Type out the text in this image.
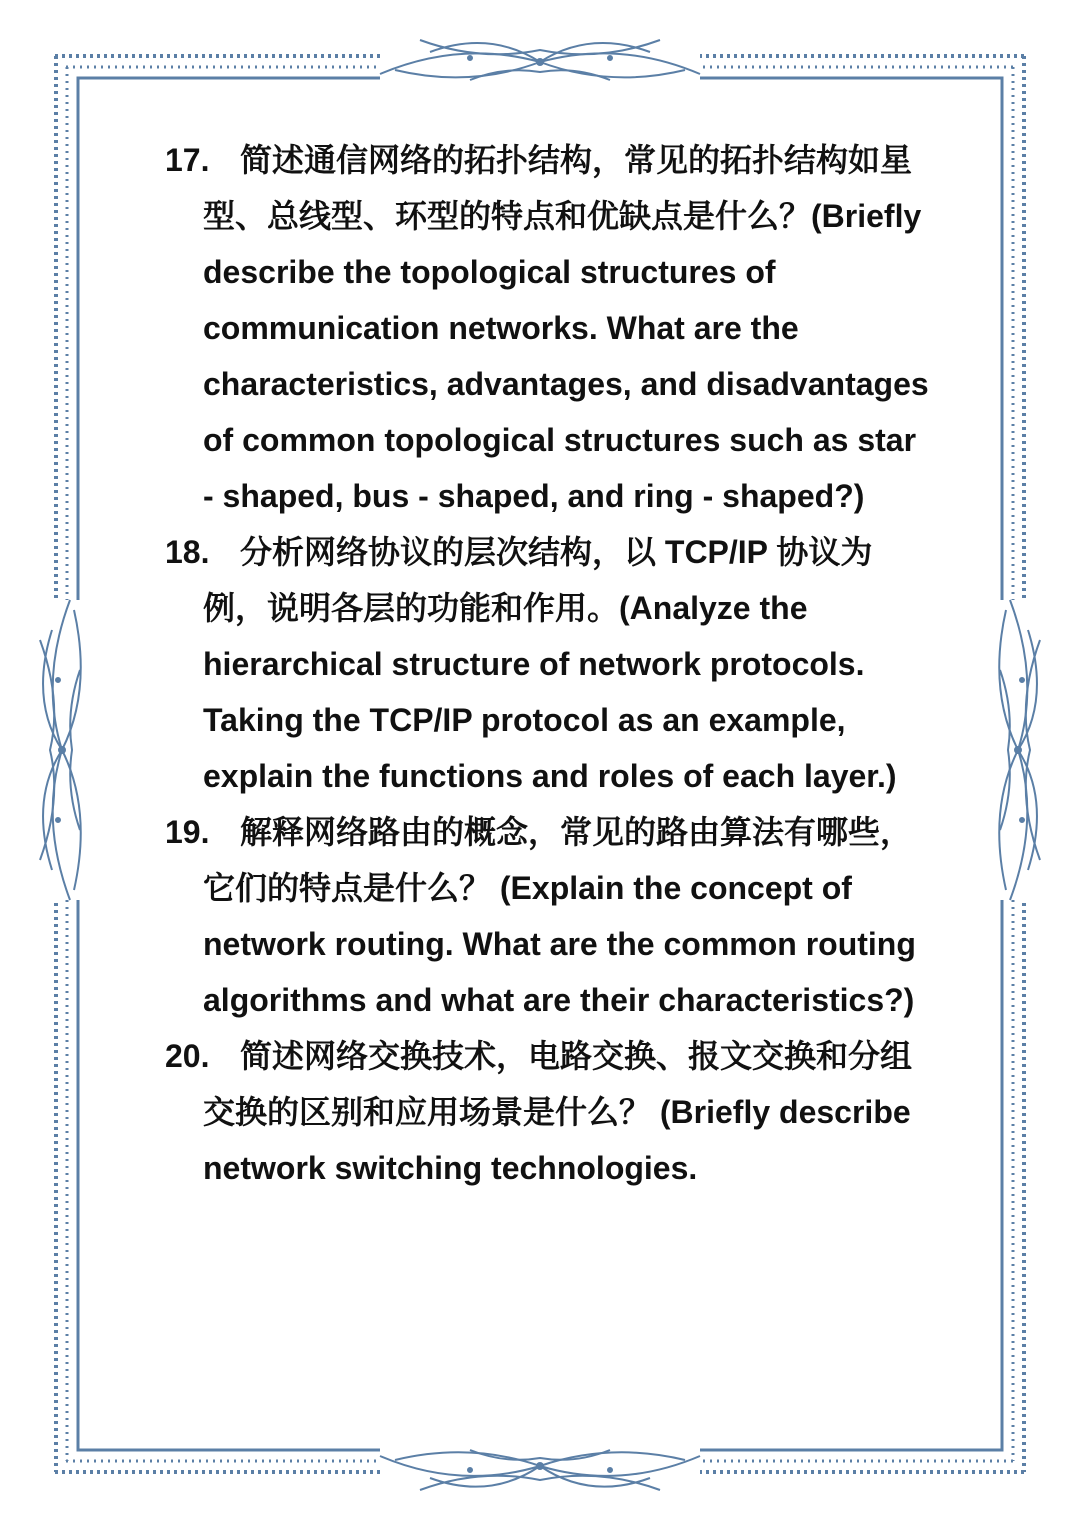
17. 简述通信网络的拓扑结构，常见的拓扑结构如星型、总线型、环型的特点和优缺点是什么？(Briefly describe the topological structures of communication networks. What are the characteristics, advantages, and disadvantages of common topological structures such as star - shaped, bus - shaped, and ring - shaped?)

18. 分析网络协议的层次结构，以 TCP/IP 协议为例，说明各层的功能和作用。(Analyze the hierarchical structure of network protocols. Taking the TCP/IP protocol as an example, explain the functions and roles of each layer.)

19. 解释网络路由的概念，常见的路由算法有哪些，它们的特点是什么？ (Explain the concept of network routing. What are the common routing algorithms and what are their characteristics?)

20. 简述网络交换技术，电路交换、报文交换和分组交换的区别和应用场景是什么？ (Briefly describe network switching technologies.
